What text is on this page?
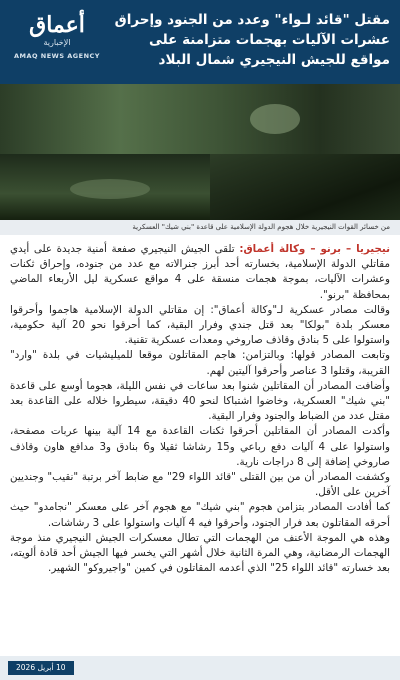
أعماق
الإخبارية
AMAQ NEWS AGENCY
مقتل "قائد لـواء" وعدد من الجنود وإحراق عشرات الآليات بهجمات متزامنة على مواقع للجيش النيجيري شمال البلاد
من خسائر القوات النيجيرية خلال هجوم الدولة الإسلامية على قاعدة "بني شيك" العسكرية

نيجيريا – برنو – وكالة أعماق: تلقى الجيش النيجيري صفعة أمنية جديدة على أيدي مقاتلي الدولة الإسلامية، بخسارته أحد أبرز جنرالاته مع عدد من جنوده، وإحراق ثكنات وعشرات الآليات، بموجة هجمات منسقة على 4 مواقع عسكرية ليل الأربعاء الماضي بمحافظة "برنو".

وقالت مصادر عسكرية لـ"وكالة أعماق": إن مقاتلي الدولة الإسلامية هاجموا وأحرقوا معسكر بلدة "بولكا" بعد قتل جندي وفرار البقية، كما أحرقوا نحو 20 آلية حكومية، واستولوا على 5 بنادق وقاذف صاروخي ومعدات عسكرية تقنية.

وتابعت المصادر قولها: وبالتزامن: هاجم المقاتلون موقعا للميليشيات في بلدة "وارد" القريبة، وقتلوا 3 عناصر وأحرقوا آليتين لهم.

وأضافت المصادر أن المقاتلين شنوا بعد ساعات في نفس الليلة، هجوما أوسع على قاعدة "بني شيك" العسكرية، وخاضوا اشتباكا لنحو 40 دقيقة، سيطروا خلاله على القاعدة بعد مقتل عدد من الضباط والجنود وفرار البقية.

وأكدت المصادر أن المقاتلين أحرقوا ثكنات القاعدة مع 14 آلية بينها عربات مصفحة، واستولوا على 4 آليات دفع رباعي و15 رشاشا ثقيلا و6 بنادق و3 مدافع هاون وقاذف صاروخي إضافة إلى 8 دراجات نارية.

وكشفت المصادر أن من بين القتلى "قائد اللواء 29" مع ضابط آخر برتبة "نقيب" وجنديين آخرين على الأقل.

كما أفادت المصادر بتزامن هجوم "بني شيك" مع هجوم آخر على معسكر "نجامدو" حيث أحرقه المقاتلون بعد فرار الجنود، وأحرقوا فيه 4 آليات واستولوا على 3 رشاشات.

وهذه هي الموجة الأعنف من الهجمات التي تطال معسكرات الجيش النيجيري منذ موجة الهجمات الرمضانية، وهي المرة الثانية خلال أشهر التي يخسر فيها الجيش أحد قادة ألويته، بعد خسارته "قائد اللواء 25" الذي أعدمه المقاتلون في كمين "واجيروكو" الشهير.

10 أبريل 2026
